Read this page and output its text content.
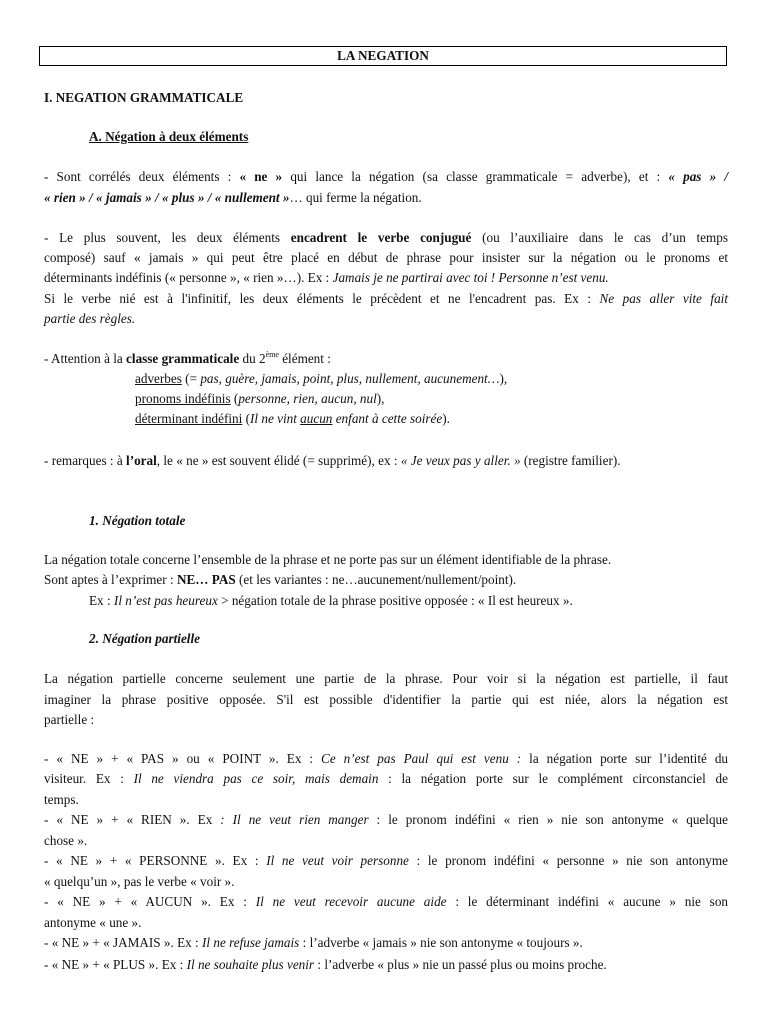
LA NEGATION
I. NEGATION GRAMMATICALE
A. Négation à deux éléments
- Sont corrélés deux éléments : « ne » qui lance la négation (sa classe grammaticale = adverbe), et : « pas » /
« rien » / « jamais » / « plus » / « nullement »… qui ferme la négation.
- Le plus souvent, les deux éléments encadrent le verbe conjugué (ou l’auxiliaire dans le cas d’un temps
composé) sauf « jamais » qui peut être placé en début de phrase pour insister sur la négation ou le pronoms et
déterminants indéfinis (« personne », « rien »…). Ex : Jamais je ne partirai avec toi ! Personne n’est venu.
Si le verbe nié est à l'infinitif, les deux éléments le précèdent et ne l'encadrent pas. Ex : Ne pas aller vite fait
partie des règles.
- Attention à la classe grammaticale du 2ème élément :
adverbes (= pas, guère, jamais, point, plus, nullement, aucunement…),
pronoms indéfinis (personne, rien, aucun, nul),
déterminant indéfini (Il ne vint aucun enfant à cette soirée).
- remarques : à l’oral, le « ne » est souvent élidé (= supprimé), ex : « Je veux pas y aller. » (registre familier).
1. Négation totale
La négation totale concerne l’ensemble de la phrase et ne porte pas sur un élément identifiable de la phrase.
Sont aptes à l’exprimer : NE… PAS (et les variantes : ne…aucunement/nullement/point).
Ex : Il n’est pas heureux > négation totale de la phrase positive opposée : « Il est heureux ».
2. Négation partielle
La négation partielle concerne seulement une partie de la phrase. Pour voir si la négation est partielle, il faut
imaginer la phrase positive opposée. S'il est possible d'identifier la partie qui est niée, alors la négation est
partielle :
- « NE » + « PAS » ou « POINT ». Ex : Ce n’est pas Paul qui est venu : la négation porte sur l’identité du
visiteur. Ex : Il ne viendra pas ce soir, mais demain : la négation porte sur le complément circonstanciel de
temps.
- « NE » + « RIEN ». Ex : Il ne veut rien manger : le pronom indéfini « rien » nie son antonyme « quelque
chose ».
- « NE » + « PERSONNE ». Ex : Il ne veut voir personne : le pronom indéfini « personne » nie son antonyme
« quelqu’un », pas le verbe « voir ».
- « NE » + « AUCUN ». Ex : Il ne veut recevoir aucune aide : le déterminant indéfini « aucune » nie son
antonyme « une ».
- « NE » + « JAMAIS ». Ex : Il ne refuse jamais : l’adverbe « jamais » nie son antonyme « toujours ».
- « NE » + « PLUS ». Ex : Il ne souhaite plus venir : l’adverbe « plus » nie un passé plus ou moins proche.
